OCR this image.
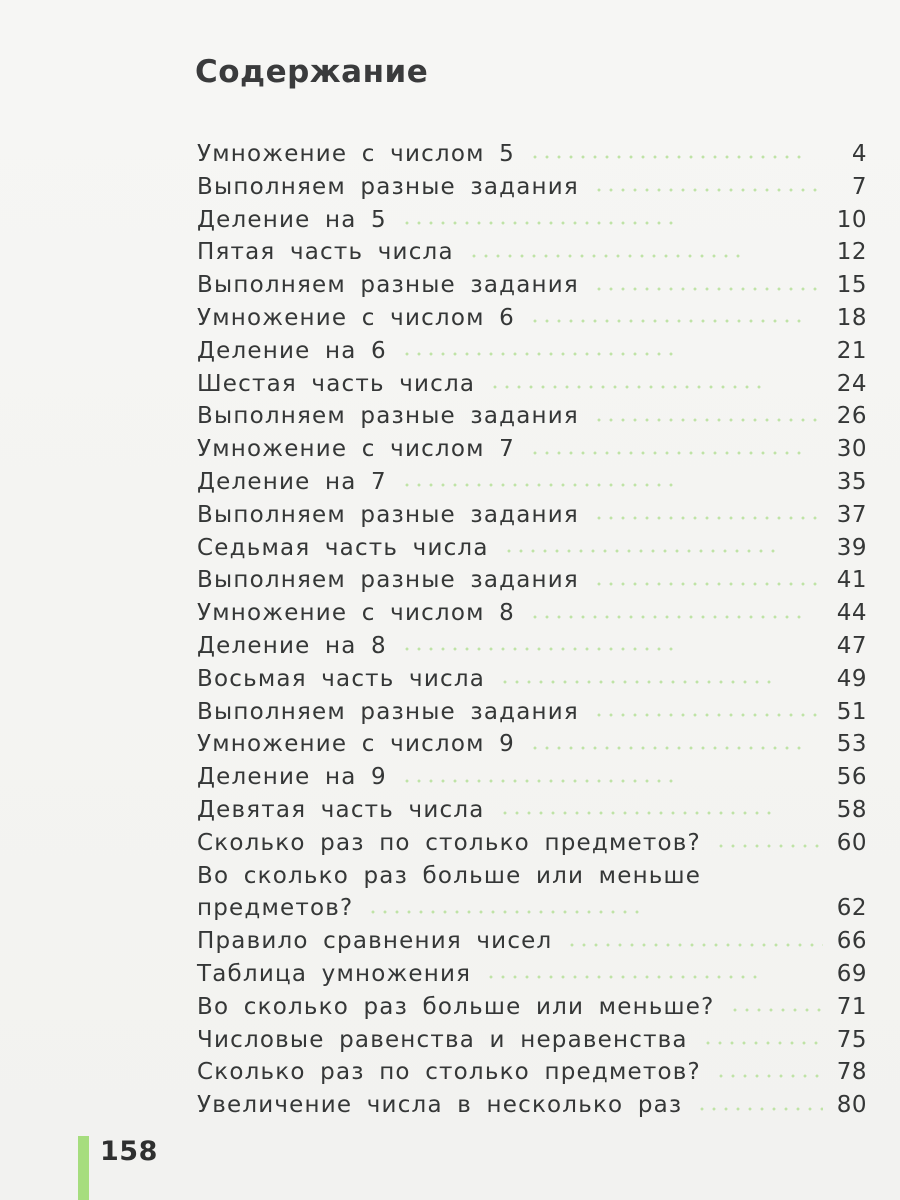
Содержание
Умножение с числом 5	4
Выполняем разные задания	7
Деление на 5	10
Пятая часть числа	12
Выполняем разные задания	15
Умножение с числом 6	18
Деление на 6	21
Шестая часть числа	24
Выполняем разные задания	26
Умножение с числом 7	30
Деление на 7	35
Выполняем разные задания	37
Седьмая часть числа	39
Выполняем разные задания	41
Умножение с числом 8	44
Деление на 8	47
Восьмая часть числа	49
Выполняем разные задания	51
Умножение с числом 9	53
Деление на 9	56
Девятая часть числа	58
Сколько раз по столько предметов?	60
Во сколько раз больше или меньше
предметов?	62
Правило сравнения чисел	66
Таблица умножения	69
Во сколько раз больше или меньше?	71
Числовые равенства и неравенства	75
Сколько раз по столько предметов?	78
Увеличение числа в несколько раз	80
158
